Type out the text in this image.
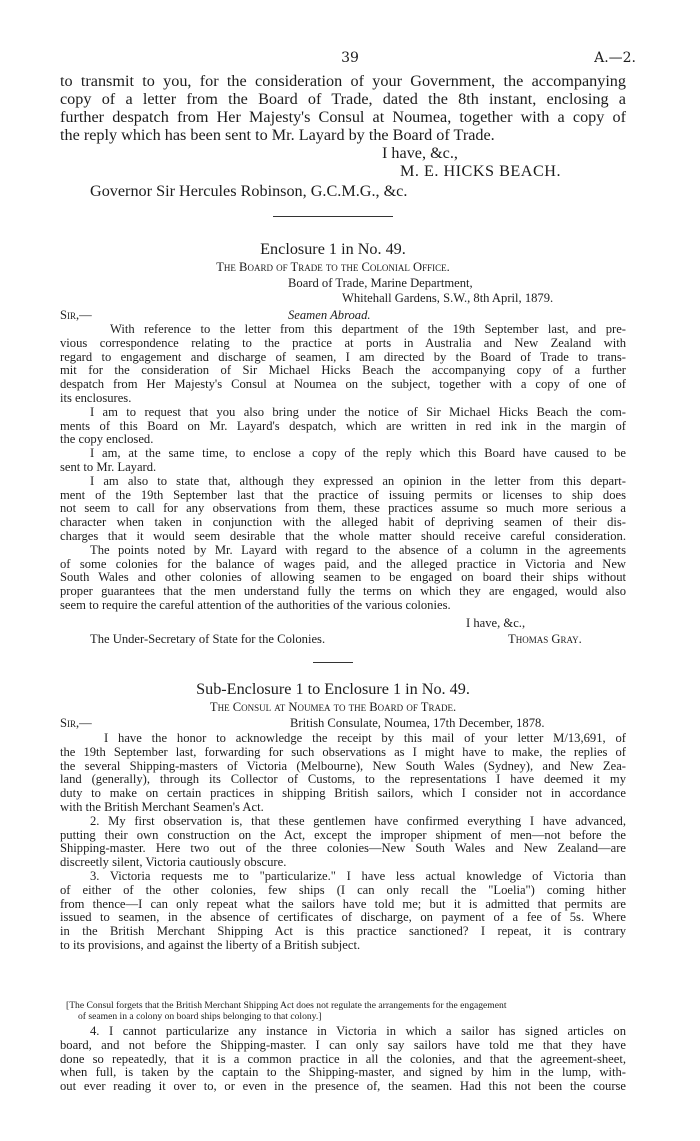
39	A.—2.
to transmit to you, for the consideration of your Government, the accompanying
copy of a letter from the Board of Trade, dated the 8th instant, enclosing a
further despatch from Her Majesty's Consul at Noumea, together with a copy of
the reply which has been sent to Mr. Layard by the Board of Trade.
I have, &c.,
M. E. HICKS BEACH.
Governor Sir Hercules Robinson, G.C.M.G., &c.
Enclosure 1 in No. 49.
The Board of Trade to the Colonial Office.
Board of Trade, Marine Department,
Whitehall Gardens, S.W., 8th April, 1879.
Sir,—	Seamen Abroad.
With reference to the letter from this department of the 19th September last, and pre-
vious correspondence relating to the practice at ports in Australia and New Zealand with
regard to engagement and discharge of seamen, I am directed by the Board of Trade to trans-
mit for the consideration of Sir Michael Hicks Beach the accompanying copy of a further
despatch from Her Majesty's Consul at Noumea on the subject, together with a copy of one of
its enclosures.
I am to request that you also bring under the notice of Sir Michael Hicks Beach the com-
ments of this Board on Mr. Layard's despatch, which are written in red ink in the margin of
the copy enclosed.
I am, at the same time, to enclose a copy of the reply which this Board have caused to be
sent to Mr. Layard.
I am also to state that, although they expressed an opinion in the letter from this depart-
ment of the 19th September last that the practice of issuing permits or licenses to ship does
not seem to call for any observations from them, these practices assume so much more serious a
character when taken in conjunction with the alleged habit of depriving seamen of their dis-
charges that it would seem desirable that the whole matter should receive careful consideration.
The points noted by Mr. Layard with regard to the absence of a column in the agreements
of some colonies for the balance of wages paid, and the alleged practice in Victoria and New
South Wales and other colonies of allowing seamen to be engaged on board their ships without
proper guarantees that the men understand fully the terms on which they are engaged, would also
seem to require the careful attention of the authorities of the various colonies.
I have, &c.,
The Under-Secretary of State for the Colonies.	Thomas Gray.
Sub-Enclosure 1 to Enclosure 1 in No. 49.
The Consul at Noumea to the Board of Trade.
Sir,—	British Consulate, Noumea, 17th December, 1878.
I have the honor to acknowledge the receipt by this mail of your letter M/13,691, of
the 19th September last, forwarding for such observations as I might have to make, the replies of
the several Shipping-masters of Victoria (Melbourne), New South Wales (Sydney), and New Zea-
land (generally), through its Collector of Customs, to the representations I have deemed it my
duty to make on certain practices in shipping British sailors, which I consider not in accordance
with the British Merchant Seamen's Act.
2. My first observation is, that these gentlemen have confirmed everything I have advanced,
putting their own construction on the Act, except the improper shipment of men—not before the
Shipping-master. Here two out of the three colonies—New South Wales and New Zealand—are
discreetly silent, Victoria cautiously obscure.
3. Victoria requests me to "particularize." I have less actual knowledge of Victoria than
of either of the other colonies, few ships (I can only recall the "Loelia") coming hither
from thence—I can only repeat what the sailors have told me; but it is admitted that permits are
issued to seamen, in the absence of certificates of discharge, on payment of a fee of 5s. Where
in the British Merchant Shipping Act is this practice sanctioned? I repeat, it is contrary
to its provisions, and against the liberty of a British subject.
[The Consul forgets that the British Merchant Shipping Act does not regulate the arrangements for the engagement
of seamen in a colony on board ships belonging to that colony.]
4. I cannot particularize any instance in Victoria in which a sailor has signed articles on
board, and not before the Shipping-master. I can only say sailors have told me that they have
done so repeatedly, that it is a common practice in all the colonies, and that the agreement-sheet,
when full, is taken by the captain to the Shipping-master, and signed by him in the lump, with-
out ever reading it over to, or even in the presence of, the seamen. Had this not been the course
